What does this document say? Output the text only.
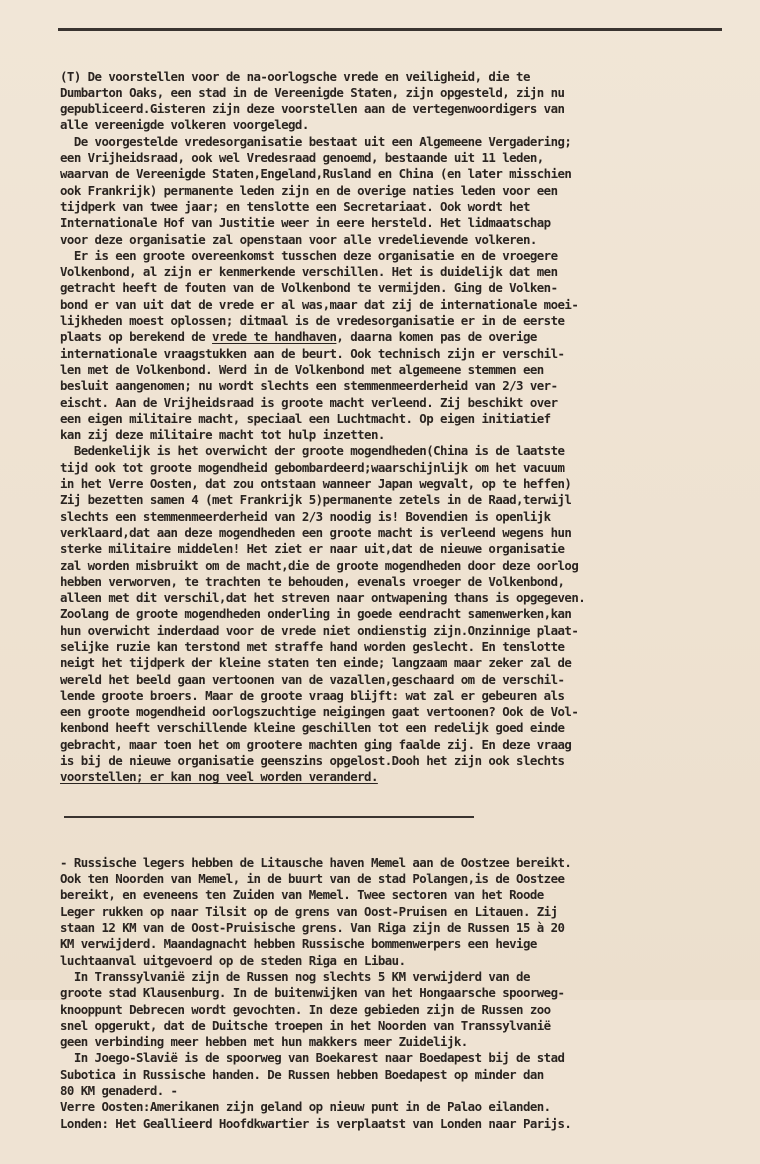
(T) De voorstellen voor de na-oorlogsche vrede en veiligheid, die te
Dumbarton Oaks, een stad in de Vereenigde Staten, zijn opgesteld, zijn nu
gepubliceerd.Gisteren zijn deze voorstellen aan de vertegenwoordigers van
alle vereenigde volkeren voorgelegd.
De voorgestelde vredesorganisatie bestaat uit een Algemeene Vergadering;
een Vrijheidsraad, ook wel Vredesraad genoemd, bestaande uit 11 leden,
waarvan de Vereenigde Staten,Engeland,Rusland en China (en later misschien
ook Frankrijk) permanente leden zijn en de overige naties leden voor een
tijdperk van twee jaar; en tenslotte een Secretariaat. Ook wordt het
Internationale Hof van Justitie weer in eere hersteld. Het lidmaatschap
voor deze organisatie zal openstaan voor alle vredelievende volkeren.
Er is een groote overeenkomst tusschen deze organisatie en de vroegere
Volkenbond, al zijn er kenmerkende verschillen. Het is duidelijk dat men
getracht heeft de fouten van de Volkenbond te vermijden. Ging de Volken-
bond er van uit dat de vrede er al was,maar dat zij de internationale moei-
lijkheden moest oplossen; ditmaal is de vredesorganisatie er in de eerste
plaats op berekend de vrede te handhaven, daarna komen pas de overige
internationale vraagstukken aan de beurt. Ook technisch zijn er verschil-
len met de Volkenbond. Werd in de Volkenbond met algemeene stemmen een
besluit aangenomen; nu wordt slechts een stemmenmeerderheid van 2/3 ver-
eischt. Aan de Vrijheidsraad is groote macht verleend. Zij beschikt over
een eigen militaire macht, speciaal een Luchtmacht. Op eigen initiatief
kan zij deze militaire macht tot hulp inzetten.
Bedenkelijk is het overwicht der groote mogendheden(China is de laatste
tijd ook tot groote mogendheid gebombardeerd;waarschijnlijk om het vacuum
in het Verre Oosten, dat zou ontstaan wanneer Japan wegvalt, op te heffen)
Zij bezetten samen 4 (met Frankrijk 5)permanente zetels in de Raad,terwijl
slechts een stemmenmeerderheid van 2/3 noodig is! Bovendien is openlijk
verklaard,dat aan deze mogendheden een groote macht is verleend wegens hun
sterke militaire middelen! Het ziet er naar uit,dat de nieuwe organisatie
zal worden misbruikt om de macht,die de groote mogendheden door deze oorlog
hebben verworven, te trachten te behouden, evenals vroeger de Volkenbond,
alleen met dit verschil,dat het streven naar ontwapening thans is opgegeven.
Zoolang de groote mogendheden onderling in goede eendracht samenwerken,kan
hun overwicht inderdaad voor de vrede niet ondienstig zijn.Onzinnige plaat-
selijke ruzie kan terstond met straffe hand worden geslecht. En tenslotte
neigt het tijdperk der kleine staten ten einde; langzaam maar zeker zal de
wereld het beeld gaan vertoonen van de vazallen,geschaard om de verschil-
lende groote broers. Maar de groote vraag blijft: wat zal er gebeuren als
een groote mogendheid oorlogszuchtige neigingen gaat vertoonen? Ook de Vol-
kenbond heeft verschillende kleine geschillen tot een redelijk goed einde
gebracht, maar toen het om grootere machten ging faalde zij. En deze vraag
is bij de nieuwe organisatie geenszins opgelost.Dooh het zijn ook slechts
voorstellen; er kan nog veel worden veranderd.

- Russische legers hebben de Litausche haven Memel aan de Oostzee bereikt.
Ook ten Noorden van Memel, in de buurt van de stad Polangen,is de Oostzee
bereikt, en eveneens ten Zuiden van Memel. Twee sectoren van het Roode
Leger rukken op naar Tilsit op de grens van Oost-Pruisen en Litauen. Zij
staan 12 KM van de Oost-Pruisische grens. Van Riga zijn de Russen 15 à 20
KM verwijderd. Maandagnacht hebben Russische bommenwerpers een hevige
luchtaanval uitgevoerd op de steden Riga en Libau.
In Transsylvanië zijn de Russen nog slechts 5 KM verwijderd van de
groote stad Klausenburg. In de buitenwijken van het Hongaarsche spoorweg-
knooppunt Debrecen wordt gevochten. In deze gebieden zijn de Russen zoo
snel opgerukt, dat de Duitsche troepen in het Noorden van Transsylvanië
geen verbinding meer hebben met hun makkers meer Zuidelijk.
In Joego-Slavië is de spoorweg van Boekarest naar Boedapest bij de stad
Subotica in Russische handen. De Russen hebben Boedapest op minder dan
80 KM genaderd. -
Verre Oosten:Amerikanen zijn geland op nieuw punt in de Palao eilanden.
Londen: Het Geallieerd Hoofdkwartier is verplaatst van Londen naar Parijs.
